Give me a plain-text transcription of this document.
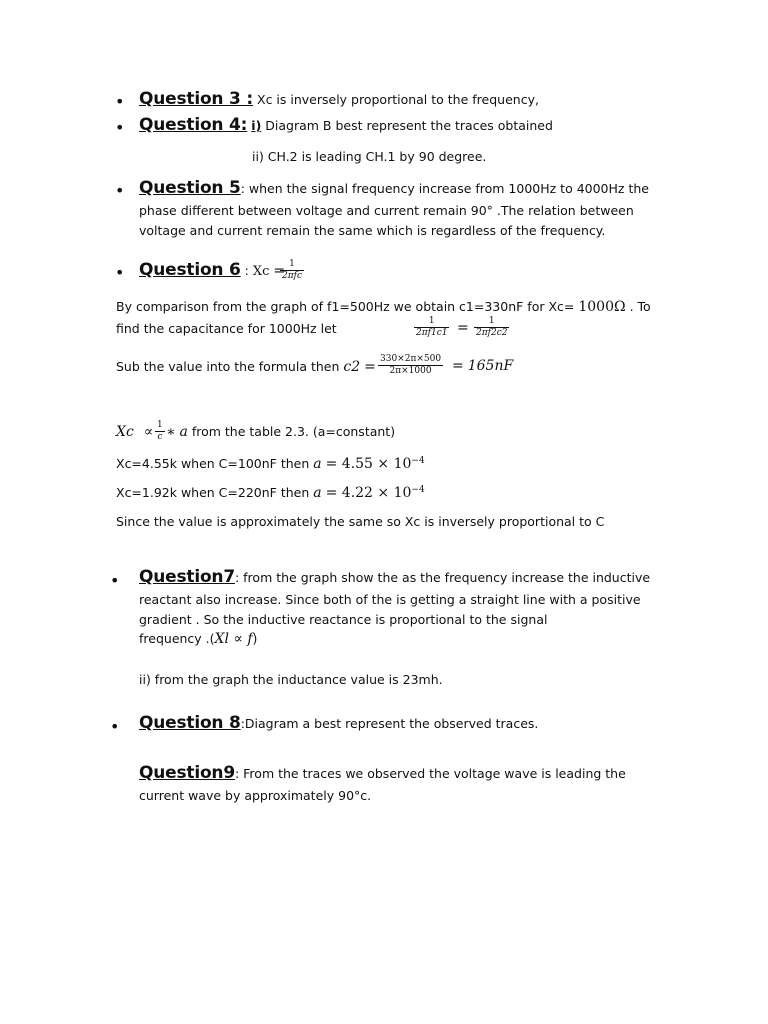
• Question 3 : Xc is inversely proportional to the frequency,
• Question 4: i) Diagram B best represent the traces obtained
ii) CH.2 is leading CH.1 by 90 degree.
• Question 5: when the signal frequency increase from 1000Hz to 4000Hz the
phase different between voltage and current remain 90° .The relation between
voltage and current remain the same which is regardless of the frequency.
• Question 6 : Xc = 1
2πfc
By comparison from the graph of f1=500Hz we obtain c1=330nF for Xc= 1000Ω . To
find the capacitance for 1000Hz let	1
2πf1c1 = 1
2πf2c2
Sub the value into the formula then c2 = 330×2π×500
2π×1000 = 165nF
Xc ∝ 1
c ∗ a from the table 2.3. (a=constant)
Xc=4.55k when C=100nF then $a = 4.55 \times 10^{-4}$
Xc=1.92k when C=220nF then $a = 4.22 \times 10^{-4}$
Since the value is approximately the same so Xc is inversely proportional to C
• Question7: from the graph show the as the frequency increase the inductive
reactant also increase. Since both of the is getting a straight line with a positive
gradient . So the inductive reactance is proportional to the signal
frequency .(Xl ∝ f)
ii) from the graph the inductance value is 23mh.
• Question 8:Diagram a best represent the observed traces.
Question9: From the traces we observed the voltage wave is leading the
current wave by approximately 90°c.
